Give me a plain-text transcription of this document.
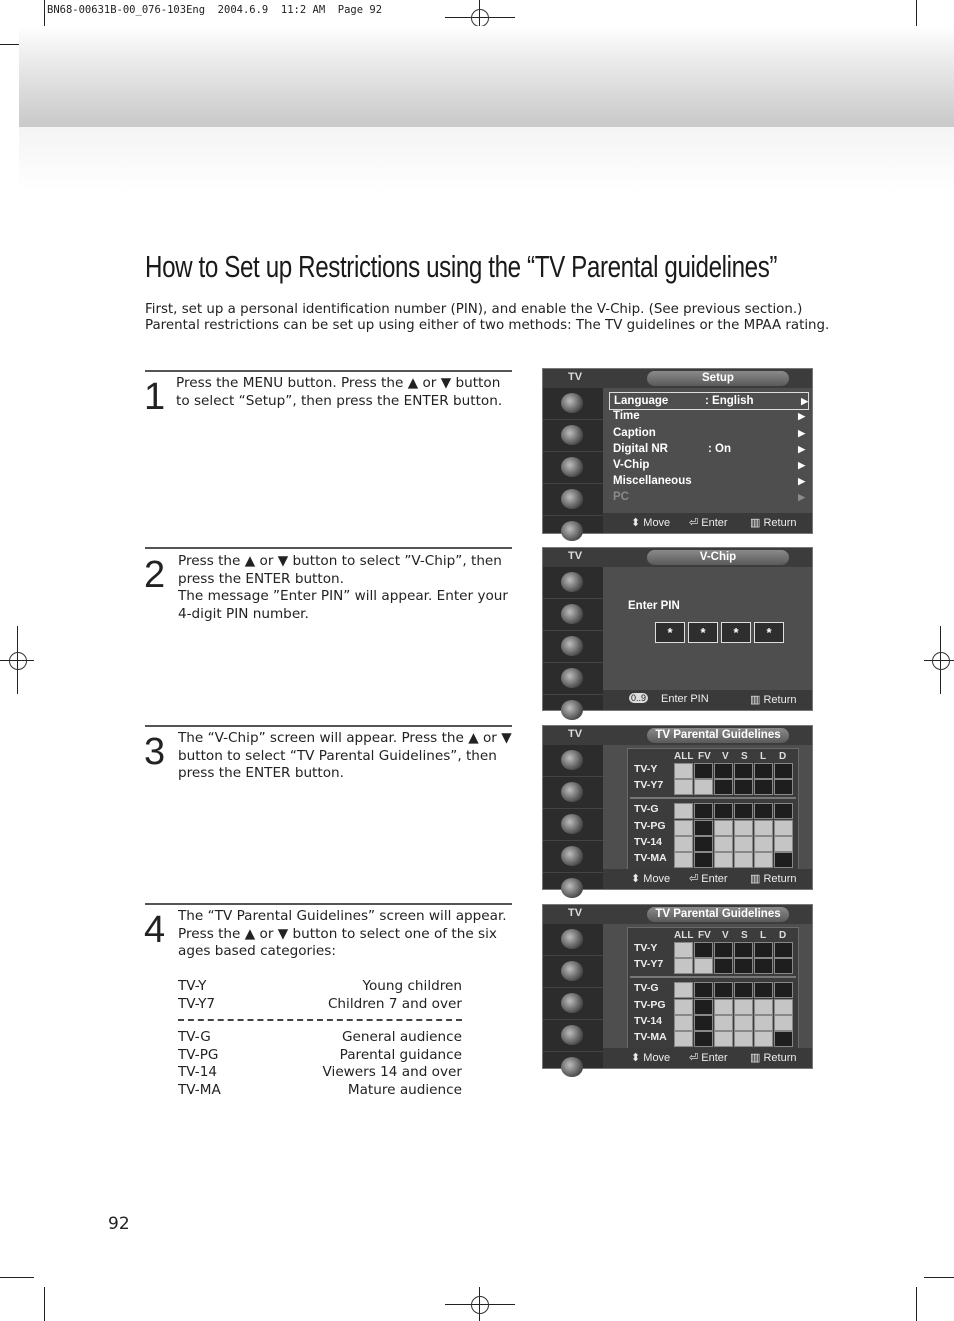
BN68-00631B-00_076-103Eng  2004.6.9  11:2 AM  Page 92
How to Set up Restrictions using the “TV Parental guidelines”
First, set up a personal identification number (PIN), and enable the V-Chip. (See previous section.)
Parental restrictions can be set up using either of two methods: The TV guidelines or the MPAA rating.
1 Press the MENU button. Press the ▲ or ▼ button to select “Setup”, then press the ENTER button.
2 Press the ▲ or ▼ button to select ”V-Chip”, then press the ENTER button.
The message ”Enter PIN” will appear. Enter your 4-digit PIN number.
3 The “V-Chip” screen will appear. Press the ▲ or ▼ button to select “TV Parental Guidelines”, then press the ENTER button.
4 The “TV Parental Guidelines” screen will appear. Press the ▲ or ▼ button to select one of the six ages based categories:
TV-Y	Young children
TV-Y7	Children 7 and over
TV-G	General audience
TV-PG	Parental guidance
TV-14	Viewers 14 and over
TV-MA	Mature audience
92
TV	Setup
Language	: English	▶
Time	▶
Caption	▶
Digital NR	: On	▶
V-Chip	▶
Miscellaneous	▶
PC	▶
⬍ Move ⏎ Enter ▥ Return
TV	V-Chip
Enter PIN
*	*	*	*
0..9 Enter PIN	▥ Return
TV	TV Parental Guidelines
ALL FV V S L D
TV-Y
TV-Y7
TV-G
TV-PG
TV-14
TV-MA
⬍ Move ⏎ Enter ▥ Return
TV	TV Parental Guidelines
ALL FV V S L D
TV-Y
TV-Y7
TV-G
TV-PG
TV-14
TV-MA
⬍ Move ⏎ Enter ▥ Return
